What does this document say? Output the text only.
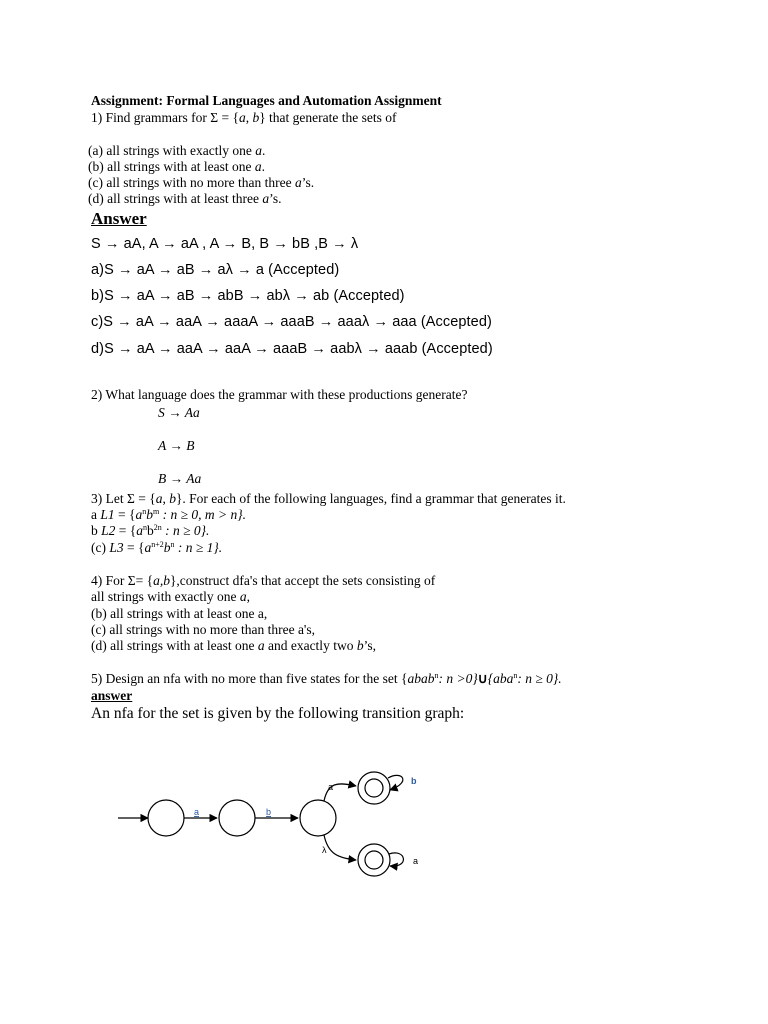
Assignment: Formal Languages and Automation Assignment
1) Find grammars for Σ = {a, b} that generate the sets of
(a) all strings with exactly one a.
(b) all strings with at least one a.
(c) all strings with no more than three a’s.
(d) all strings with at least three a’s.
Answer
S → aA, A → aA , A → B, B → bB ,B → λ
a)S → aA → aB → aλ → a (Accepted)
b)S → aA → aB → abB → abλ → ab (Accepted)
c)S → aA → aaA → aaaA → aaaB → aaaλ → aaa (Accepted)
d)S → aA → aaA → aaA → aaaB → aabλ → aaab (Accepted)
2) What language does the grammar with these productions generate?
S → Aa
A → B
B → Aa
3) Let Σ = {a, b}. For each of the following languages, find a grammar that generates it.
a $L1 = \{a^nb^m$ : n ≥ 0, m > n}.
b $L2 = \{a^nb^{2n}$ : n ≥ 0}.
(c) $L3 = \{a^{n+2}b^n$ : n ≥ 1}.
4) For Σ= {a,b},construct dfa's that accept the sets consisting of
all strings with exactly one a,
(b) all strings with at least one a,
(c) all strings with no more than three a's,
(d) all strings with at least one a and exactly two b’s,
5) Design an nfa with no more than five states for the set {abab$^n$: n >0}∪{aba$^n$: n ≥ 0}.
answer
An nfa for the set is given by the following transition graph:
a	b
a
λ
b
a
